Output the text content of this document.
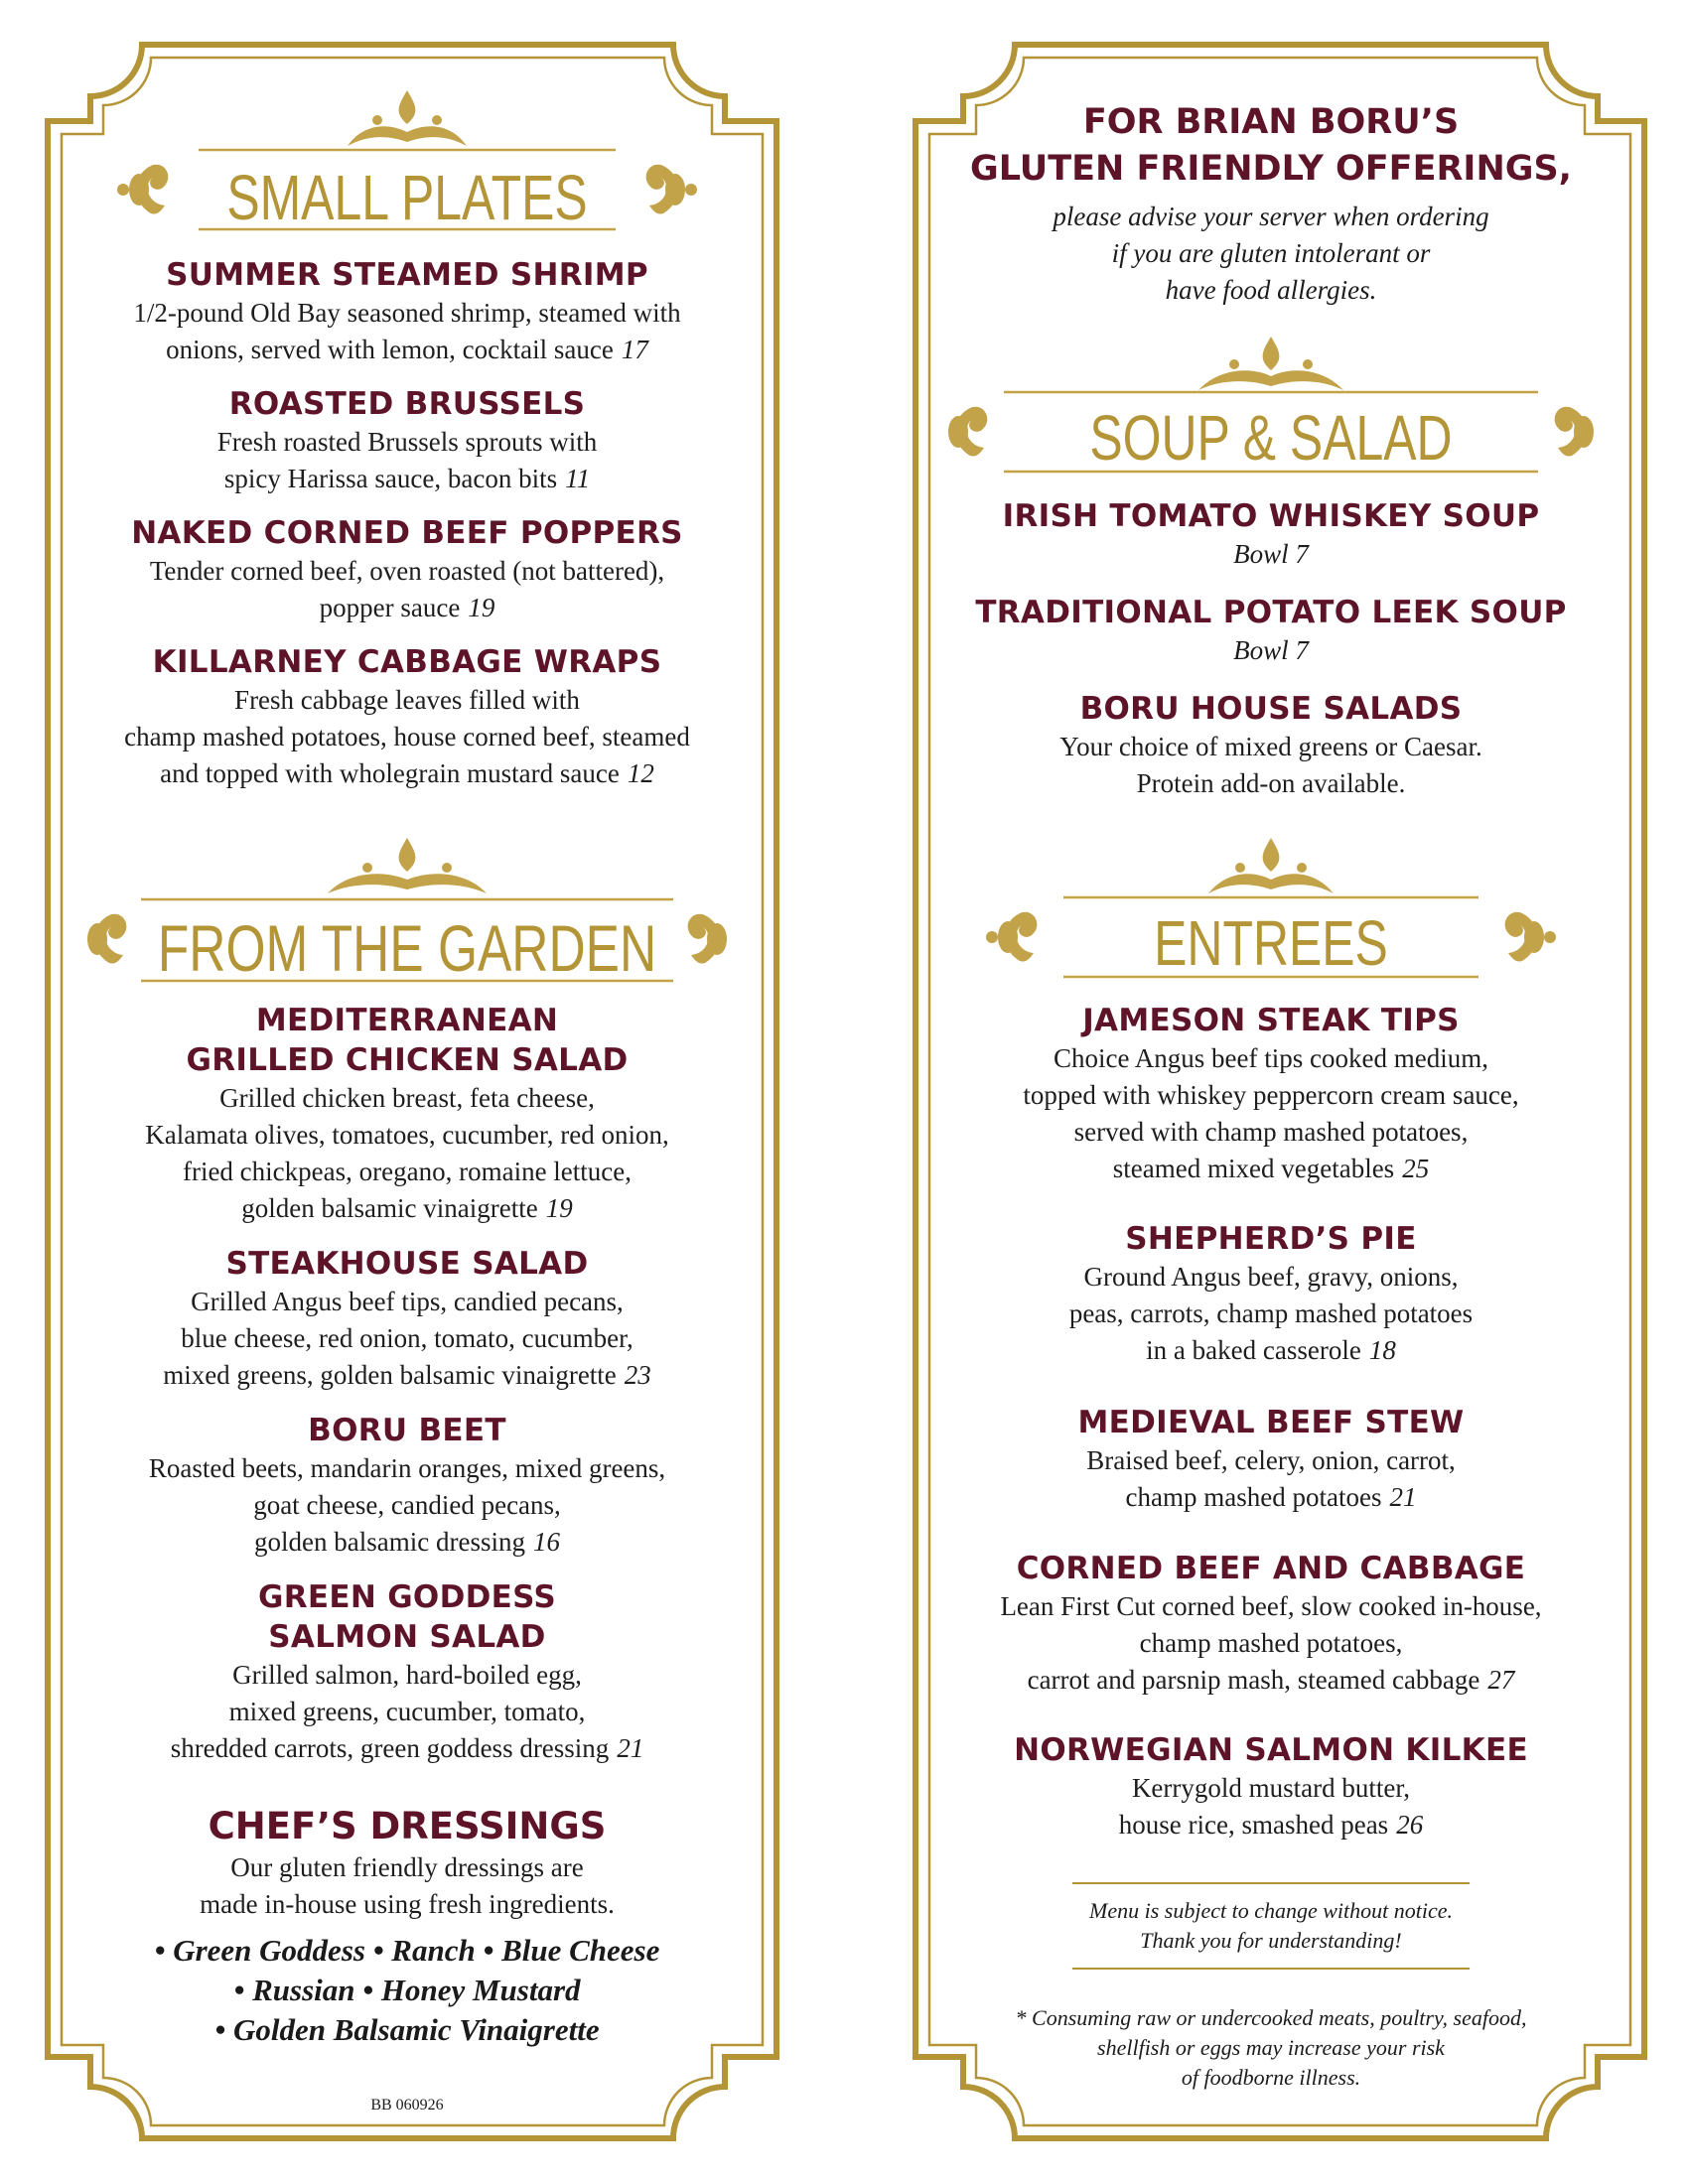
SMALL PLATES

SUMMER STEAMED SHRIMP

1/2-pound Old Bay seasoned shrimp, steamed with

onions, served with lemon, cocktail sauce 17

ROASTED BRUSSELS

Fresh roasted Brussels sprouts with

spicy Harissa sauce, bacon bits 11

NAKED CORNED BEEF POPPERS

Tender corned beef, oven roasted (not battered),

popper sauce 19

KILLARNEY CABBAGE WRAPS

Fresh cabbage leaves filled with

champ mashed potatoes, house corned beef, steamed

and topped with wholegrain mustard sauce 12

FROM THE GARDEN

MEDITERRANEAN

GRILLED CHICKEN SALAD

Grilled chicken breast, feta cheese,

Kalamata olives, tomatoes, cucumber, red onion,

fried chickpeas, oregano, romaine lettuce,

golden balsamic vinaigrette 19

STEAKHOUSE SALAD

Grilled Angus beef tips, candied pecans,

blue cheese, red onion, tomato, cucumber,

mixed greens, golden balsamic vinaigrette 23

BORU BEET

Roasted beets, mandarin oranges, mixed greens,

goat cheese, candied pecans,

golden balsamic dressing 16

GREEN GODDESS

SALMON SALAD

Grilled salmon, hard-boiled egg,

mixed greens, cucumber, tomato,

shredded carrots, green goddess dressing 21

CHEF’S DRESSINGS

Our gluten friendly dressings are

made in-house using fresh ingredients.

• Green Goddess • Ranch • Blue Cheese

• Russian • Honey Mustard

• Golden Balsamic Vinaigrette

BB 060926

FOR BRIAN BORU’S

GLUTEN FRIENDLY OFFERINGS,

please advise your server when ordering

if you are gluten intolerant or

have food allergies.

SOUP & SALAD

IRISH TOMATO WHISKEY SOUP

Bowl 7

TRADITIONAL POTATO LEEK SOUP

Bowl 7

BORU HOUSE SALADS

Your choice of mixed greens or Caesar.

Protein add-on available.

ENTREES

JAMESON STEAK TIPS

Choice Angus beef tips cooked medium,

topped with whiskey peppercorn cream sauce,

served with champ mashed potatoes,

steamed mixed vegetables 25

SHEPHERD’S PIE

Ground Angus beef, gravy, onions,

peas, carrots, champ mashed potatoes

in a baked casserole 18

MEDIEVAL BEEF STEW

Braised beef, celery, onion, carrot,

champ mashed potatoes 21

CORNED BEEF AND CABBAGE

Lean First Cut corned beef, slow cooked in-house,

champ mashed potatoes,

carrot and parsnip mash, steamed cabbage 27

NORWEGIAN SALMON KILKEE

Kerrygold mustard butter,

house rice, smashed peas 26

Menu is subject to change without notice.

Thank you for understanding!

* Consuming raw or undercooked meats, poultry, seafood,

shellfish or eggs may increase your risk

of foodborne illness.
